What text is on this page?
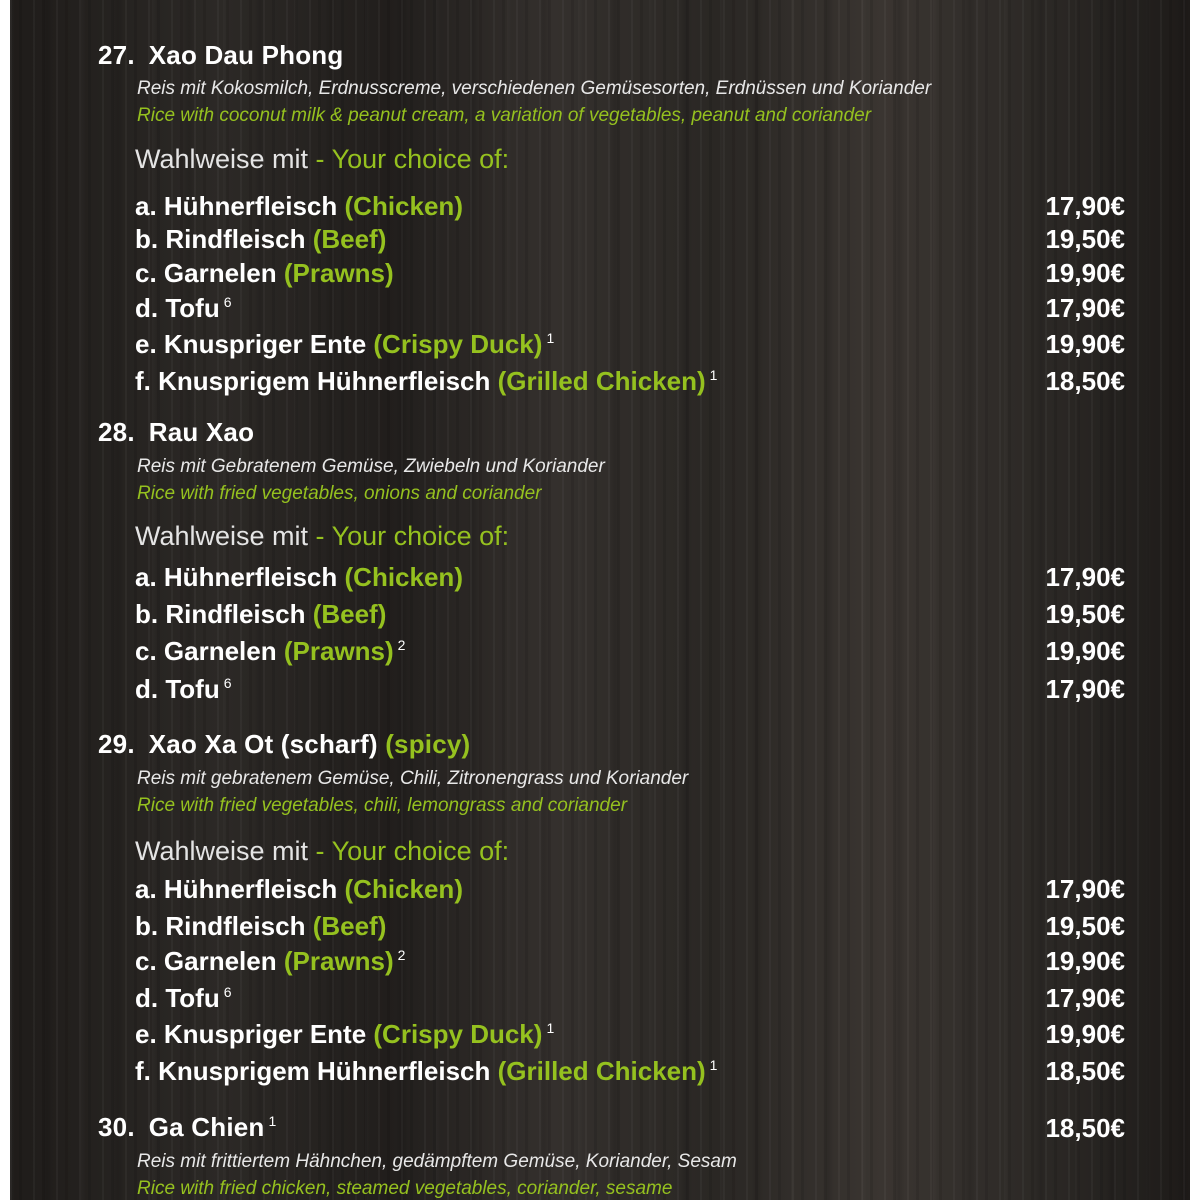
27. Xao Dau Phong
Reis mit Kokosmilch, Erdnusscreme, verschiedenen Gemüsesorten, Erdnüssen und Koriander
Rice with coconut milk & peanut cream, a variation of vegetables, peanut and coriander
Wahlweise mit - Your choice of:
a. Hühnerfleisch (Chicken)	17,90€
b. Rindfleisch (Beef)	19,50€
c. Garnelen (Prawns)	19,90€
d. Tofu $^6$	17,90€
e. Knuspriger Ente (Crispy Duck) $^1$	19,90€
f. Knusprigem Hühnerfleisch (Grilled Chicken) $^1$	18,50€
28. Rau Xao
Reis mit Gebratenem Gemüse, Zwiebeln und Koriander
Rice with fried vegetables, onions and coriander
Wahlweise mit - Your choice of:
a. Hühnerfleisch (Chicken)	17,90€
b. Rindfleisch (Beef)	19,50€
c. Garnelen (Prawns) $^2$	19,90€
d. Tofu $^6$	17,90€
29. Xao Xa Ot (scharf) (spicy)
Reis mit gebratenem Gemüse, Chili, Zitronengrass und Koriander
Rice with fried vegetables, chili, lemongrass and coriander
Wahlweise mit - Your choice of:
a. Hühnerfleisch (Chicken)	17,90€
b. Rindfleisch (Beef)	19,50€
c. Garnelen (Prawns) $^2$	19,90€
d. Tofu $^6$	17,90€
e. Knuspriger Ente (Crispy Duck) $^1$	19,90€
f. Knusprigem Hühnerfleisch (Grilled Chicken) $^1$	18,50€
30. Ga Chien $^1$	18,50€
Reis mit frittiertem Hähnchen, gedämpftem Gemüse, Koriander, Sesam
Rice with fried chicken, steamed vegetables, coriander, sesame
